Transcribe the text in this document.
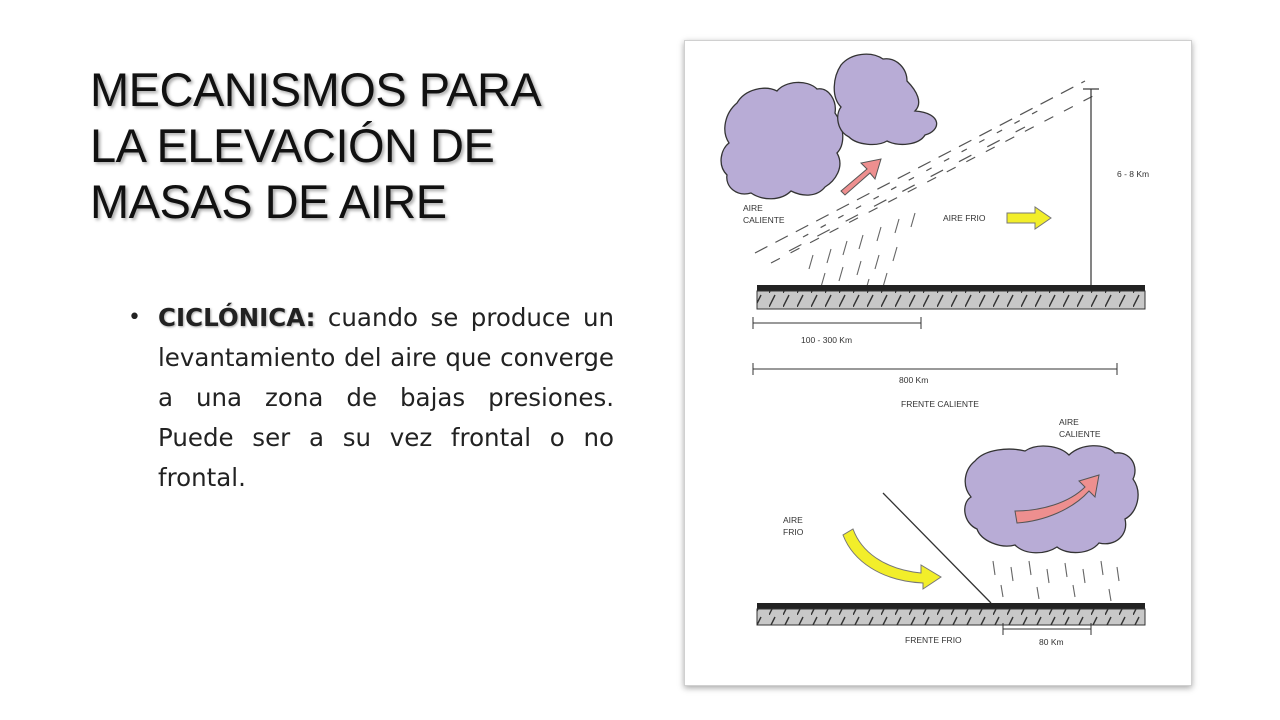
MECANISMOS PARA
LA ELEVACIÓN DE
MASAS DE AIRE
• CICLÓNICA: cuando se produce un levantamiento del aire que converge a una zona de bajas presiones. Puede ser a su vez frontal o no frontal.
AIRE
CALIENTE	AIRE FRIO
6 - 8 Km
100 - 300 Km
800 Km
FRENTE CALIENTE
AIRE
CALIENTE
AIRE
FRIO
80 Km
FRENTE FRIO
